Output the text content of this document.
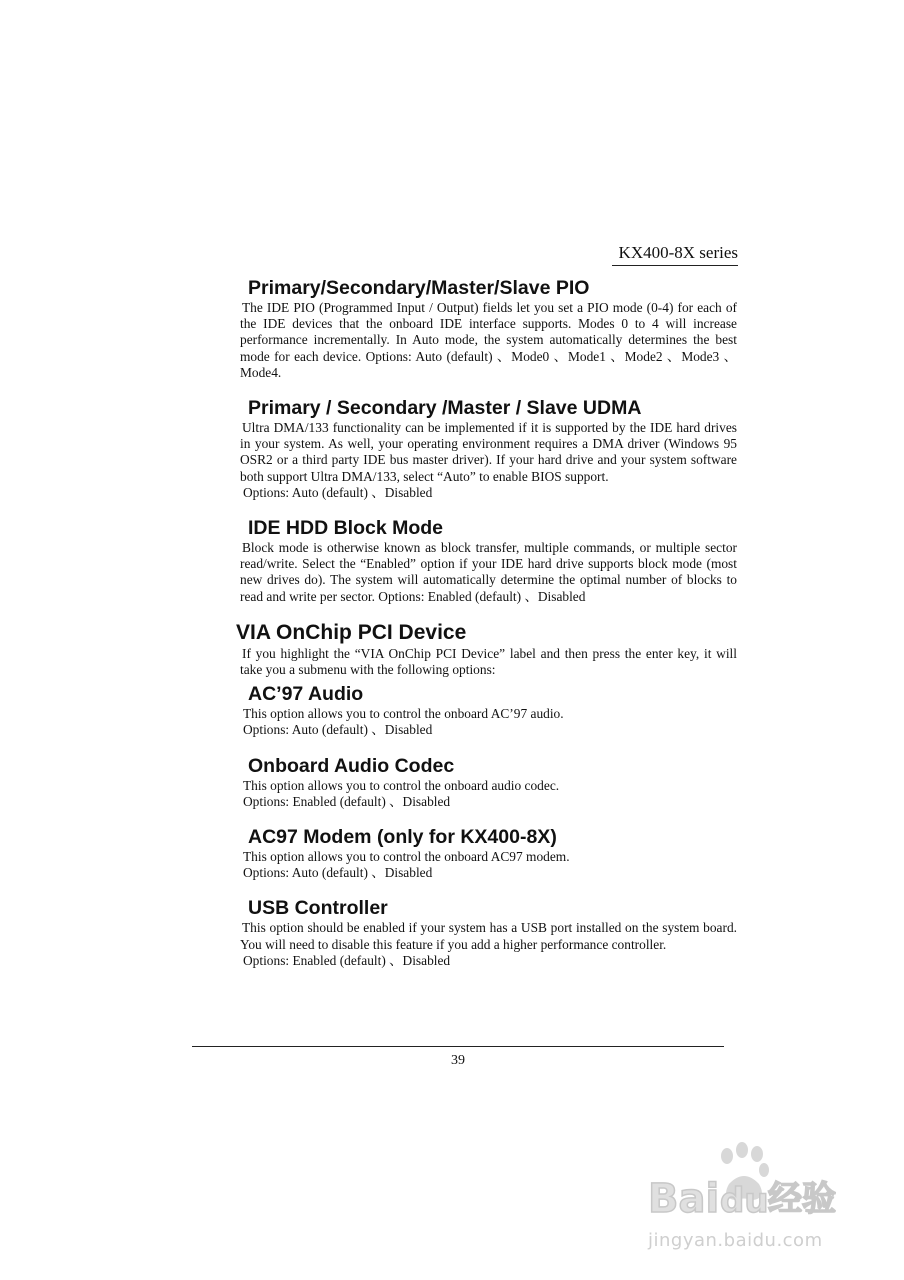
KX400-8X series
Primary/Secondary/Master/Slave PIO

The IDE PIO (Programmed Input / Output) fields let you set a PIO mode (0-4) for each of the IDE devices that the onboard IDE interface supports. Modes 0 to 4 will increase performance incrementally. In Auto mode, the system automatically determines the best mode for each device. Options: Auto (default) 、Mode0 、Mode1 、Mode2 、Mode3 、Mode4.

Primary / Secondary /Master / Slave UDMA

Ultra DMA/133 functionality can be implemented if it is supported by the IDE hard drives in your system. As well, your operating environment requires a DMA driver (Windows 95 OSR2 or a third party IDE bus master driver). If your hard drive and your system software both support Ultra DMA/133, select “Auto” to enable BIOS support.

Options: Auto (default) 、Disabled

IDE HDD Block Mode

Block mode is otherwise known as block transfer, multiple commands, or multiple sector read/write. Select the “Enabled” option if your IDE hard drive supports block mode (most new drives do). The system will automatically determine the optimal number of blocks to read and write per sector. Options: Enabled (default) 、Disabled

VIA OnChip PCI Device

If you highlight the “VIA OnChip PCI Device” label and then press the enter key, it will take you a submenu with the following options:

AC’97 Audio

This option allows you to control the onboard AC’97 audio.

Options: Auto (default) 、Disabled

Onboard Audio Codec

This option allows you to control the onboard audio codec.

Options: Enabled (default) 、Disabled

AC97 Modem (only for KX400-8X)

This option allows you to control the onboard AC97 modem.

Options: Auto (default) 、Disabled

USB Controller

This option should be enabled if your system has a USB port installed on the system board. You will need to disable this feature if you add a higher performance controller.

Options: Enabled (default) 、Disabled

39
Bai du 经验
jingyan.baidu.com
